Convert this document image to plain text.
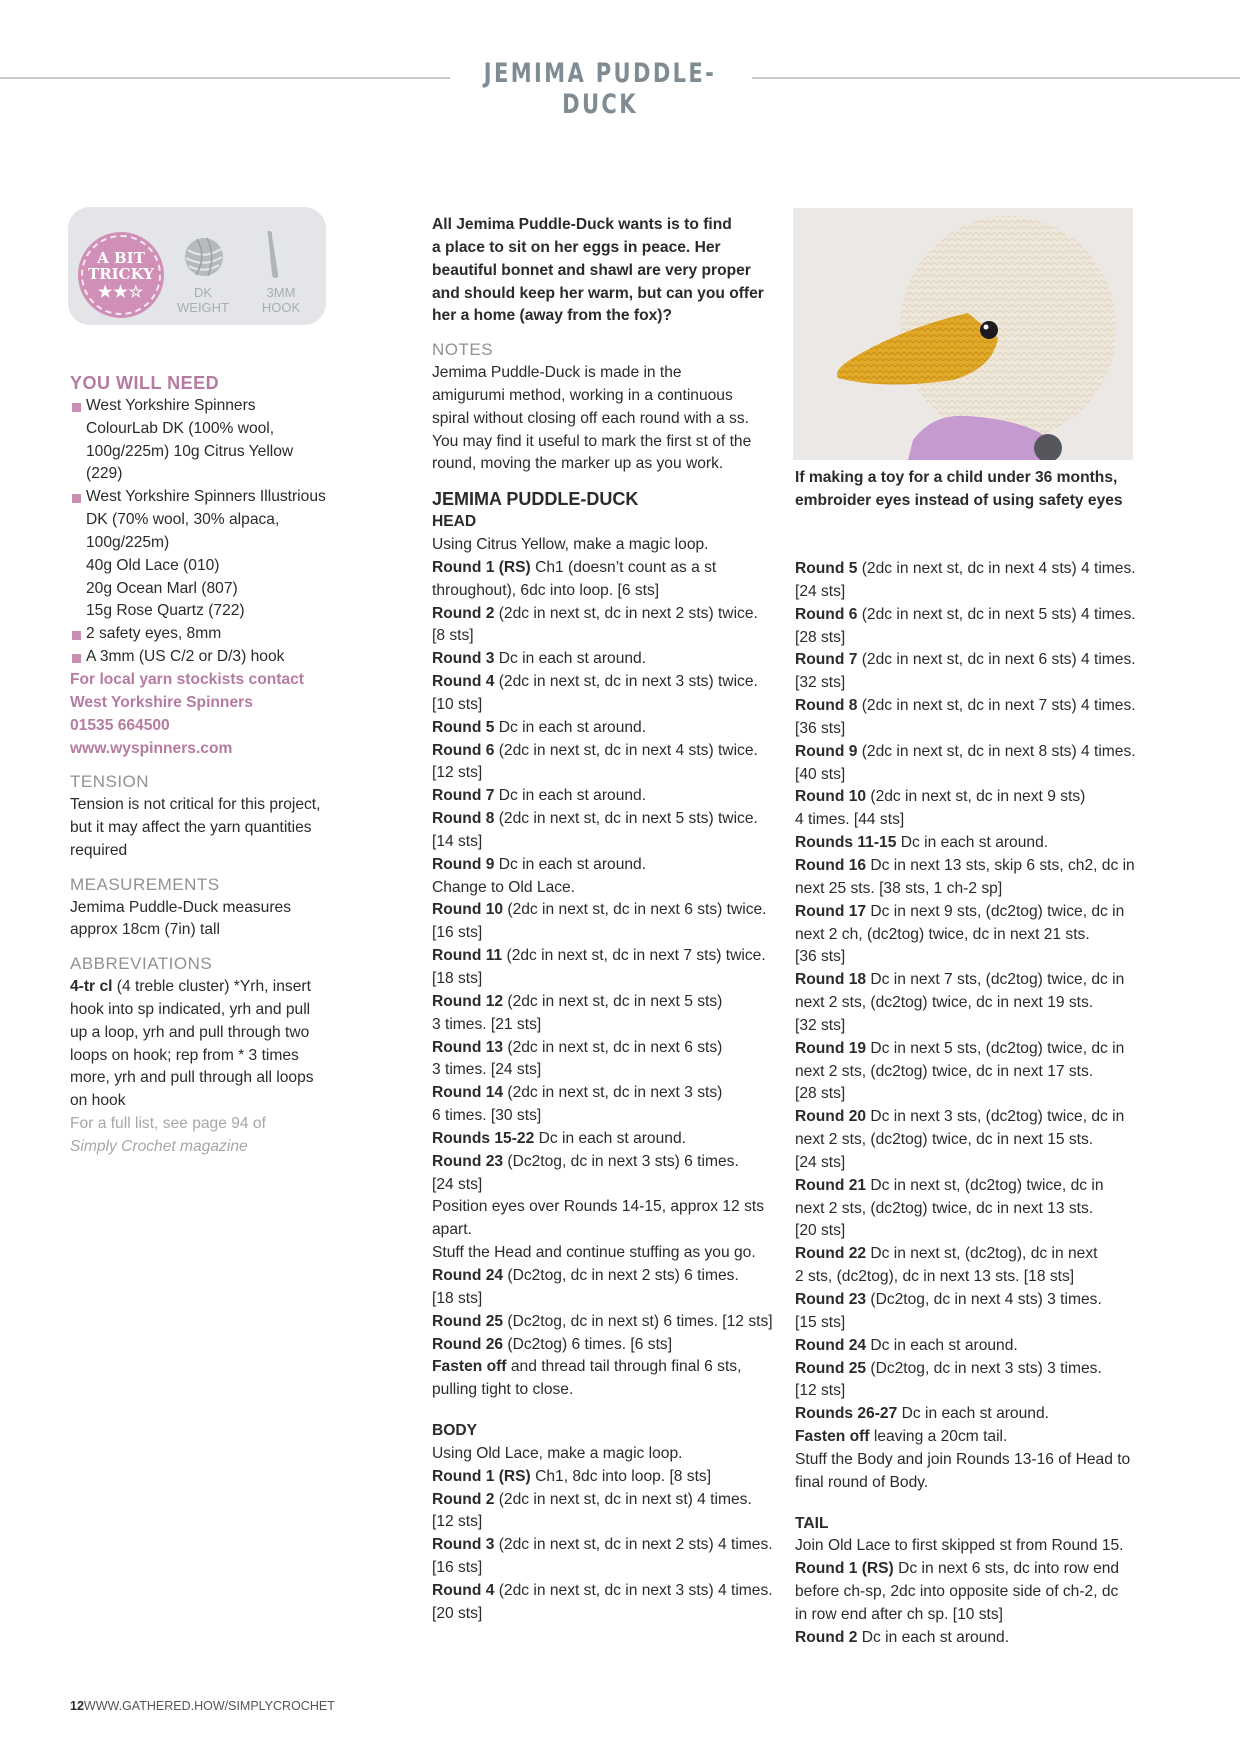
JEMIMA PUDDLE-DUCK
A BIT
TRICKY
★★☆	DK
WEIGHT
3MM
HOOK

YOU WILL NEED

West Yorkshire Spinners

ColourLab DK (100% wool,

100g/225m) 10g Citrus Yellow

(229)

West Yorkshire Spinners Illustrious

DK (70% wool, 30% alpaca,

100g/225m)

40g Old Lace (010)

20g Ocean Marl (807)

15g Rose Quartz (722)

2 safety eyes, 8mm

A 3mm (US C/2 or D/3) hook

For local yarn stockists contact

West Yorkshire Spinners

01535 664500

www.wyspinners.com

TENSION

Tension is not critical for this project,

but it may affect the yarn quantities

required

MEASUREMENTS

Jemima Puddle-Duck measures

approx 18cm (7in) tall

ABBREVIATIONS

4-tr cl (4 treble cluster) *Yrh, insert

hook into sp indicated, yrh and pull

up a loop, yrh and pull through two

loops on hook; rep from * 3 times

more, yrh and pull through all loops

on hook

For a full list, see page 94 of

Simply Crochet magazine

All Jemima Puddle-Duck wants is to find

a place to sit on her eggs in peace. Her

beautiful bonnet and shawl are very proper

and should keep her warm, but can you offer

her a home (away from the fox)?

NOTES

Jemima Puddle-Duck is made in the

amigurumi method, working in a continuous

spiral without closing off each round with a ss.

You may find it useful to mark the first st of the

round, moving the marker up as you work.

JEMIMA PUDDLE-DUCK

HEAD

Using Citrus Yellow, make a magic loop.

Round 1 (RS) Ch1 (doesn’t count as a st

throughout), 6dc into loop. [6 sts]

Round 2 (2dc in next st, dc in next 2 sts) twice.

[8 sts]

Round 3 Dc in each st around.

Round 4 (2dc in next st, dc in next 3 sts) twice.

[10 sts]

Round 5 Dc in each st around.

Round 6 (2dc in next st, dc in next 4 sts) twice.

[12 sts]

Round 7 Dc in each st around.

Round 8 (2dc in next st, dc in next 5 sts) twice.

[14 sts]

Round 9 Dc in each st around.

Change to Old Lace.

Round 10 (2dc in next st, dc in next 6 sts) twice.

[16 sts]

Round 11 (2dc in next st, dc in next 7 sts) twice.

[18 sts]

Round 12 (2dc in next st, dc in next 5 sts)

3 times. [21 sts]

Round 13 (2dc in next st, dc in next 6 sts)

3 times. [24 sts]

Round 14 (2dc in next st, dc in next 3 sts)

6 times. [30 sts]

Rounds 15-22 Dc in each st around.

Round 23 (Dc2tog, dc in next 3 sts) 6 times.

[24 sts]

Position eyes over Rounds 14-15, approx 12 sts

apart.

Stuff the Head and continue stuffing as you go.

Round 24 (Dc2tog, dc in next 2 sts) 6 times.

[18 sts]

Round 25 (Dc2tog, dc in next st) 6 times. [12 sts]

Round 26 (Dc2tog) 6 times. [6 sts]

Fasten off and thread tail through final 6 sts,

pulling tight to close.

BODY

Using Old Lace, make a magic loop.

Round 1 (RS) Ch1, 8dc into loop. [8 sts]

Round 2 (2dc in next st, dc in next st) 4 times.

[12 sts]

Round 3 (2dc in next st, dc in next 2 sts) 4 times.

[16 sts]

Round 4 (2dc in next st, dc in next 3 sts) 4 times.

[20 sts]

If making a toy for a child under 36 months,

embroider eyes instead of using safety eyes

Round 5 (2dc in next st, dc in next 4 sts) 4 times.

[24 sts]

Round 6 (2dc in next st, dc in next 5 sts) 4 times.

[28 sts]

Round 7 (2dc in next st, dc in next 6 sts) 4 times.

[32 sts]

Round 8 (2dc in next st, dc in next 7 sts) 4 times.

[36 sts]

Round 9 (2dc in next st, dc in next 8 sts) 4 times.

[40 sts]

Round 10 (2dc in next st, dc in next 9 sts)

4 times. [44 sts]

Rounds 11-15 Dc in each st around.

Round 16 Dc in next 13 sts, skip 6 sts, ch2, dc in

next 25 sts. [38 sts, 1 ch-2 sp]

Round 17 Dc in next 9 sts, (dc2tog) twice, dc in

next 2 ch, (dc2tog) twice, dc in next 21 sts.

[36 sts]

Round 18 Dc in next 7 sts, (dc2tog) twice, dc in

next 2 sts, (dc2tog) twice, dc in next 19 sts.

[32 sts]

Round 19 Dc in next 5 sts, (dc2tog) twice, dc in

next 2 sts, (dc2tog) twice, dc in next 17 sts.

[28 sts]

Round 20 Dc in next 3 sts, (dc2tog) twice, dc in

next 2 sts, (dc2tog) twice, dc in next 15 sts.

[24 sts]

Round 21 Dc in next st, (dc2tog) twice, dc in

next 2 sts, (dc2tog) twice, dc in next 13 sts.

[20 sts]

Round 22 Dc in next st, (dc2tog), dc in next

2 sts, (dc2tog), dc in next 13 sts. [18 sts]

Round 23 (Dc2tog, dc in next 4 sts) 3 times.

[15 sts]

Round 24 Dc in each st around.

Round 25 (Dc2tog, dc in next 3 sts) 3 times.

[12 sts]

Rounds 26-27 Dc in each st around.

Fasten off leaving a 20cm tail.

Stuff the Body and join Rounds 13-16 of Head to

final round of Body.

TAIL

Join Old Lace to first skipped st from Round 15.

Round 1 (RS) Dc in next 6 sts, dc into row end

before ch-sp, 2dc into opposite side of ch-2, dc

in row end after ch sp. [10 sts]

Round 2 Dc in each st around.

12WWW.GATHERED.HOW/SIMPLYCROCHET
